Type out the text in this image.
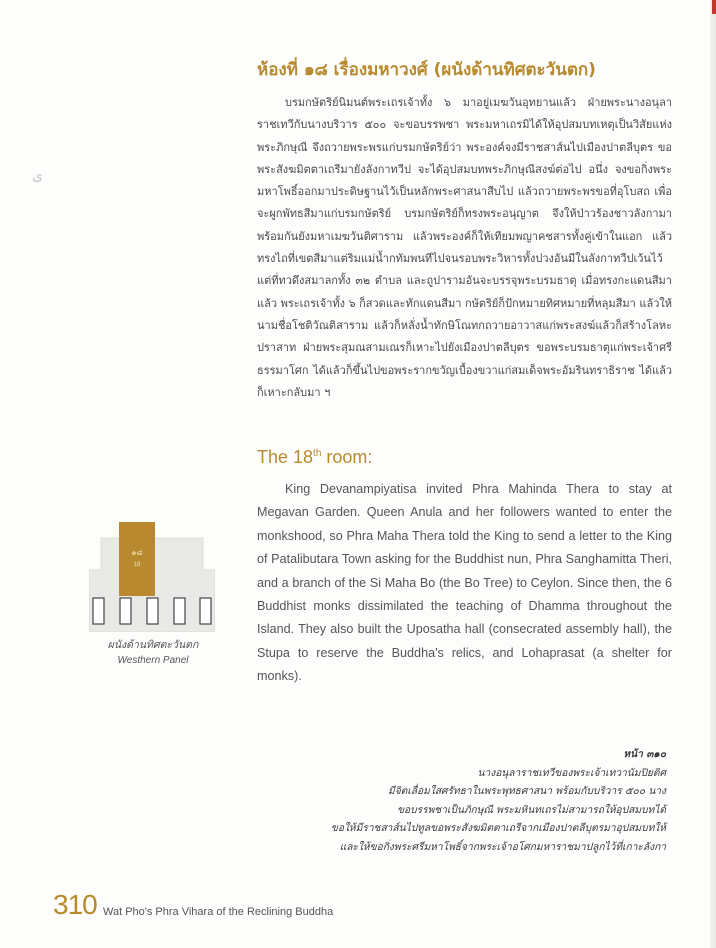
ﻯ
ห้องที่ ๑๘ เรื่องมหาวงศ์ (ผนังด้านทิศตะวันตก)

บรมกษัตริย์นิมนต์พระเถรเจ้าทั้ง ๖ มาอยู่เมฆวันอุทยานแล้ว ฝ่ายพระนางอนุลาราชเทวีกับนางบริวาร ๕๐๐ จะขอบรรพชา พระมหาเถรมิได้ให้อุปสมบทเหตุเป็นวิสัยแห่งพระภิกษุณี จึงถวายพระพรแก่บรมกษัตริย์ว่า พระองค์จงมีราชสาส์นไปเมืองปาตลีบุตร ขอพระสังฆมิตตาเถรีมายังลังกาทวีป จะได้อุปสมบทพระภิกษุณีสงฆ์ต่อไป อนึ่ง จงขอกิ่งพระมหาโพธิ์ออกมาประดิษฐานไว้เป็นหลักพระศาสนาสืบไป แล้วถวายพระพรขอที่อุโบสถ เพื่อจะผูกพัทธสีมาแก่บรมกษัตริย์ บรมกษัตริย์ก็ทรงพระอนุญาต จึงให้ป่าวร้องชาวลังกามาพร้อมกันยังมหาเมฆวันติศาราม แล้วพระองค์ก็ให้เทียมพญาคชสารทั้งคู่เข้าในแอก แล้วทรงไถที่เขตสีมาแต่ริมแม่น้ำกทัมพนทีไปจนรอบพระวิหารทั้งปวงอันมีในลังกาทวีปเว้นไว้แต่ที่ทวดึงสมาลกทั้ง ๓๒ ตำบล และถูปารามอันจะบรรจุพระบรมธาตุ เมื่อทรงกะแดนสีมาแล้ว พระเถรเจ้าทั้ง ๖ ก็สวดและทักแดนสีมา กษัตริย์ก็ปักหมายทิศหมายที่หลุมสีมา แล้วให้นามชื่อโชติวัณติสาราม แล้วก็หลั่งน้ำทักษิโณทกถวายอาวาสแก่พระสงฆ์แล้วก็สร้างโลหะปราสาท ฝ่ายพระสุมณสามเณรก็เหาะไปยังเมืองปาตลีบุตร ขอพระบรมธาตุแก่พระเจ้าศรีธรรมาโศก ได้แล้วก็ขึ้นไปขอพระรากขวัญเบื้องขวาแก่สมเด็จพระอัมรินทราธิราช ได้แล้วก็เหาะกลับมา ฯ

The 18th room:

King Devanampiyatisa invited Phra Mahinda Thera to stay at Megavan Garden. Queen Anula and her followers wanted to enter the monkshood, so Phra Maha Thera told the King to send a letter to the King of Patalibutara Town asking for the Buddhist nun, Phra Sanghamitta Theri, and a branch of the Si Maha Bo (the Bo Tree) to Ceylon. Since then, the 6 Buddhist monks dissimilated the teaching of Dhamma throughout the Island. They also built the Uposatha hall (consecrated assembly hall), the Stupa to reserve the Buddha's relics, and Lohaprasat (a shelter for monks).

๑๘
18
ผนังด้านทิศตะวันตก
Westhern Panel
หน้า ๓๑๐
นางอนุลาราชเทวีของพระเจ้าเทวานัมปิยติศ
มีจิตเลื่อมใสศรัทธาในพระพุทธศาสนา พร้อมกับบริวาร ๕๐๐ นาง
ขอบรรพชาเป็นภิกษุณี พระมหินทเถรไม่สามารถให้อุปสมบทได้
ขอให้มีราชสาส์นไปทูลขอพระสังฆมิตตาเถรีจากเมืองปาตลีบุตรมาอุปสมบทให้
และให้ขอกิ่งพระศรีมหาโพธิ์จากพระเจ้าอโศกมหาราชมาปลูกไว้ที่เกาะลังกา
310 Wat Pho's Phra Vihara of the Reclining Buddha
